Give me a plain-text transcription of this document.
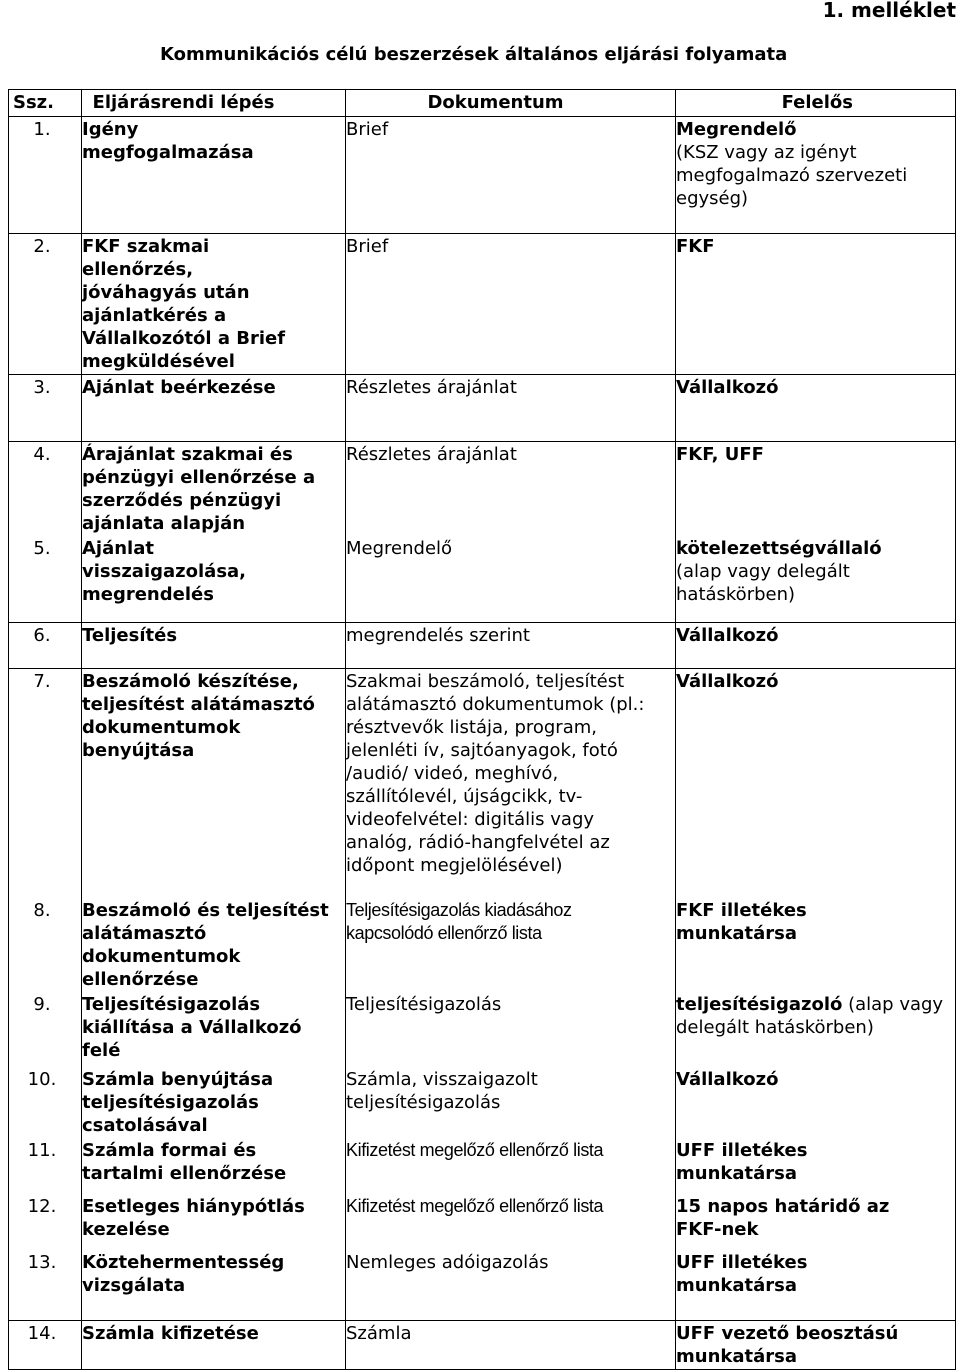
1. melléklet
Kommunikációs célú beszerzések általános eljárási folyamata
Ssz.	Eljárásrendi lépés	Dokumentum	Felelős
1.	Igény megfogalmazása	Brief	Megrendelő
(KSZ vagy az igényt megfogalmazó szervezeti egység)
2.	FKF szakmai ellenőrzés, jóváhagyás után ajánlatkérés a Vállalkozótól a Brief megküldésével	Brief	FKF
3.	Ajánlat beérkezése	Részletes árajánlat	Vállalkozó
4.	Árajánlat szakmai és pénzügyi ellenőrzése a szerződés pénzügyi ajánlata alapján	Részletes árajánlat	FKF, UFF
5.	Ajánlat visszaigazolása, megrendelés	Megrendelő	kötelezettségvállaló
(alap vagy delegált hatáskörben)
6.	Teljesítés	megrendelés szerint	Vállalkozó
7.	Beszámoló készítése, teljesítést alátámasztó dokumentumok benyújtása	Szakmai beszámoló, teljesítést alátámasztó dokumentumok (pl.: résztvevők listája, program, jelenléti ív, sajtóanyagok, fotó /audió/ videó, meghívó, szállítólevél, újságcikk, tv-videofelvétel: digitális vagy analóg, rádió-hangfelvétel az időpont megjelölésével)	Vállalkozó
8.	Beszámoló és teljesítést alátámasztó dokumentumok ellenőrzése	Teljesítésigazolás kiadásához kapcsolódó ellenőrző lista	FKF illetékes munkatársa
9.	Teljesítésigazolás kiállítása a Vállalkozó felé	Teljesítésigazolás	teljesítésigazoló (alap vagy delegált hatáskörben)
10.	Számla benyújtása teljesítésigazolás csatolásával	Számla, visszaigazolt teljesítésigazolás	Vállalkozó
11.	Számla formai és tartalmi ellenőrzése	Kifizetést megelőző ellenőrző lista	UFF illetékes munkatársa
12.	Esetleges hiánypótlás kezelése	Kifizetést megelőző ellenőrző lista	15 napos határidő az FKF-nek
13.	Köztehermentesség vizsgálata	Nemleges adóigazolás	UFF illetékes munkatársa
14.	Számla kifizetése	Számla	UFF vezető beosztású munkatársa
